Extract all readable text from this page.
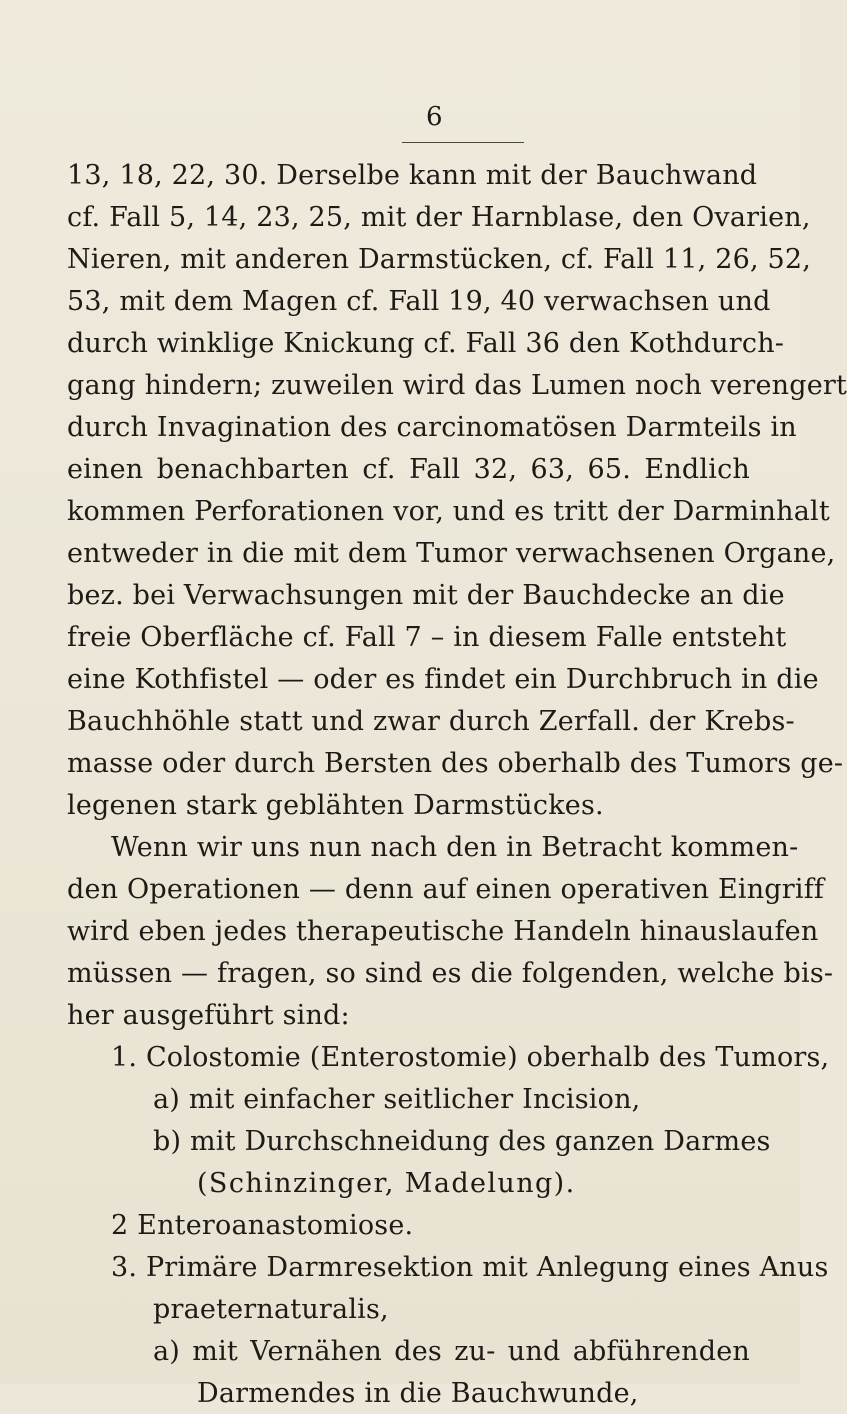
6
13, 18, 22, 30. Derselbe kann mit der Bauchwand
cf. Fall 5, 14, 23, 25, mit der Harnblase, den Ovarien,
Nieren, mit anderen Darmstücken, cf. Fall 11, 26, 52,
53, mit dem Magen cf. Fall 19, 40 verwachsen und
durch winklige Knickung cf. Fall 36 den Kothdurch-
gang hindern; zuweilen wird das Lumen noch verengert
durch Invagination des carcinomatösen Darmteils in
einen benachbarten cf. Fall 32, 63, 65. Endlich
kommen Perforationen vor, und es tritt der Darminhalt
entweder in die mit dem Tumor verwachsenen Organe,
bez. bei Verwachsungen mit der Bauchdecke an die
freie Oberfläche cf. Fall 7 – in diesem Falle entsteht
eine Kothfistel — oder es findet ein Durchbruch in die
Bauchhöhle statt und zwar durch Zerfall. der Krebs-
masse oder durch Bersten des oberhalb des Tumors ge-
legenen stark geblähten Darmstückes.
Wenn wir uns nun nach den in Betracht kommen-
den Operationen — denn auf einen operativen Eingriff
wird eben jedes therapeutische Handeln hinauslaufen
müssen — fragen, so sind es die folgenden, welche bis-
her ausgeführt sind:
1. Colostomie (Enterostomie) oberhalb des Tumors,
a) mit einfacher seitlicher Incision,
b) mit Durchschneidung des ganzen Darmes
(Schinzinger, Madelung).
2 Enteroanastomiose.
3. Primäre Darmresektion mit Anlegung eines Anus
praeternaturalis,
a) mit Vernähen des zu- und abführenden
Darmendes in die Bauchwunde,
